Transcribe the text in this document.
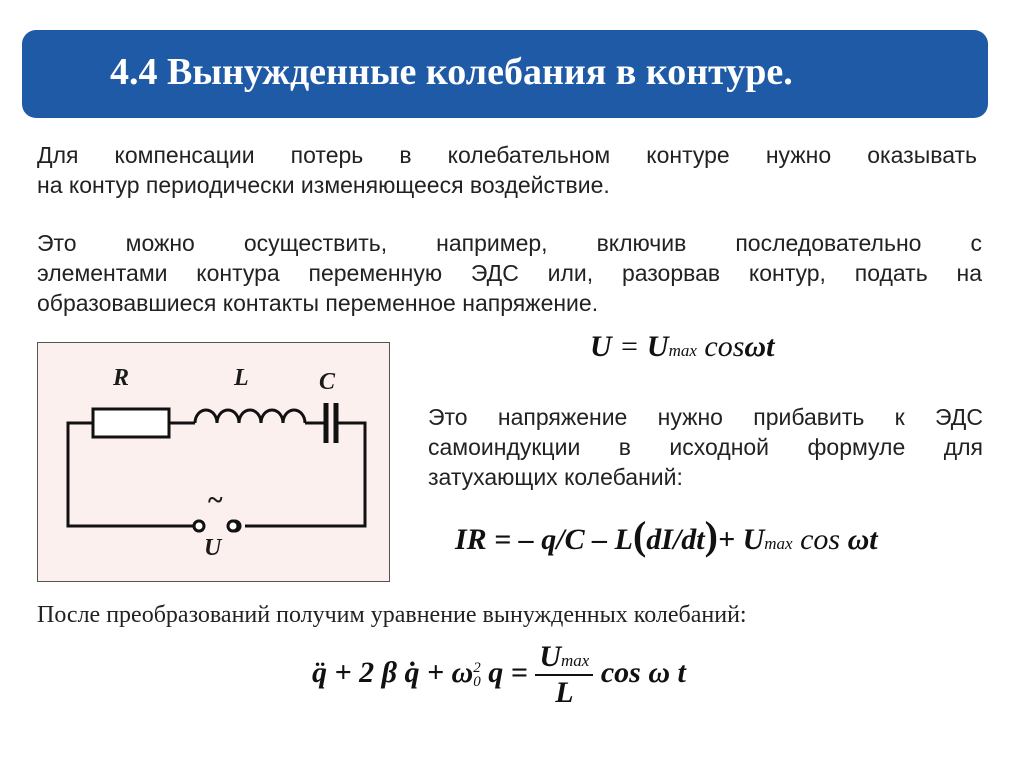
4.4 Вынужденные колебания в контуре.
Для компенсации потерь в колебательном контуре нужно оказывать
на контур периодически изменяющееся воздействие.
Это можно осуществить, например, включив последовательно с
элементами контура переменную ЭДС или, разорвав контур, подать на
образовавшиеся контакты переменное напряжение.
R	L	C
~
U
U = Umax cosωt
Это напряжение нужно прибавить к ЭДС
самоиндукции в исходной формуле для
затухающих колебаний:
IR = – q/C – L(dI/dt)+ Umax cos ωt
После преобразований получим уравнение вынужденных колебаний:
q̈ + 2 β q̇ + ω 2
0 $q = \frac{Umax}{L}$ cos ω t
